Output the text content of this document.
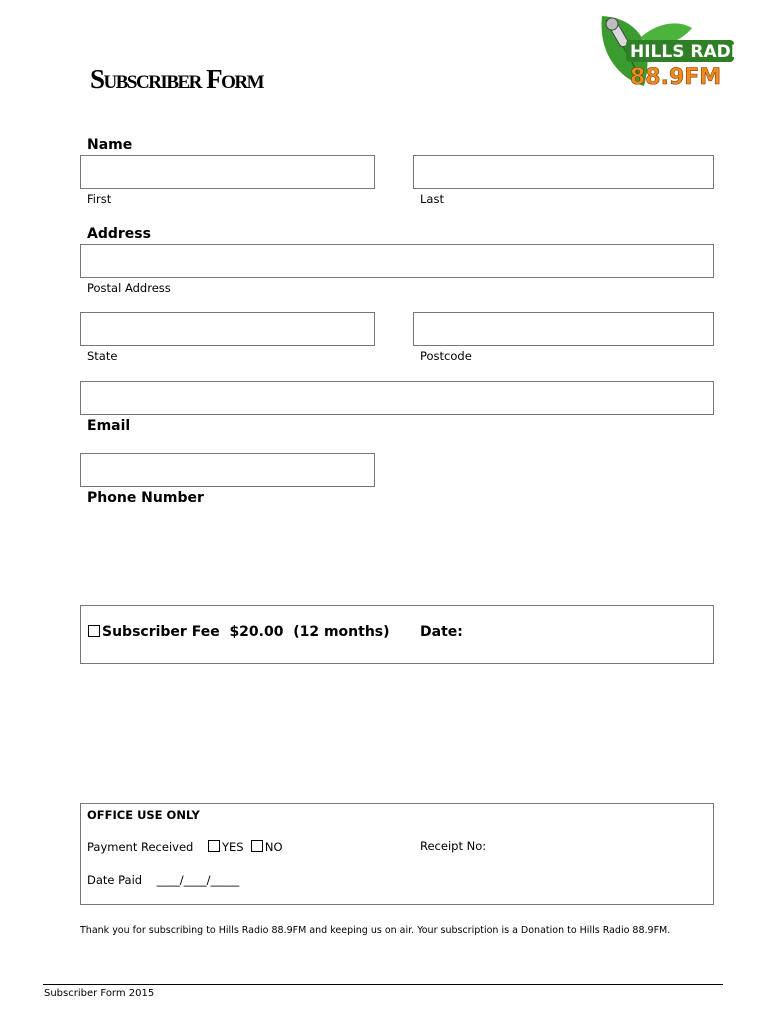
HILLS RADIO
88.9FM
Subscriber Form
Name
First	Last
Address
Postal Address
State	Postcode
Email
Phone Number
Subscriber Fee $20.00 (12 months) Date:
OFFICE USE ONLY
Payment Received YES NO	Receipt No:
Date Paid ____/____/_____
Thank you for subscribing to Hills Radio 88.9FM and keeping us on air. Your subscription is a Donation to Hills Radio 88.9FM.
Subscriber Form 2015
